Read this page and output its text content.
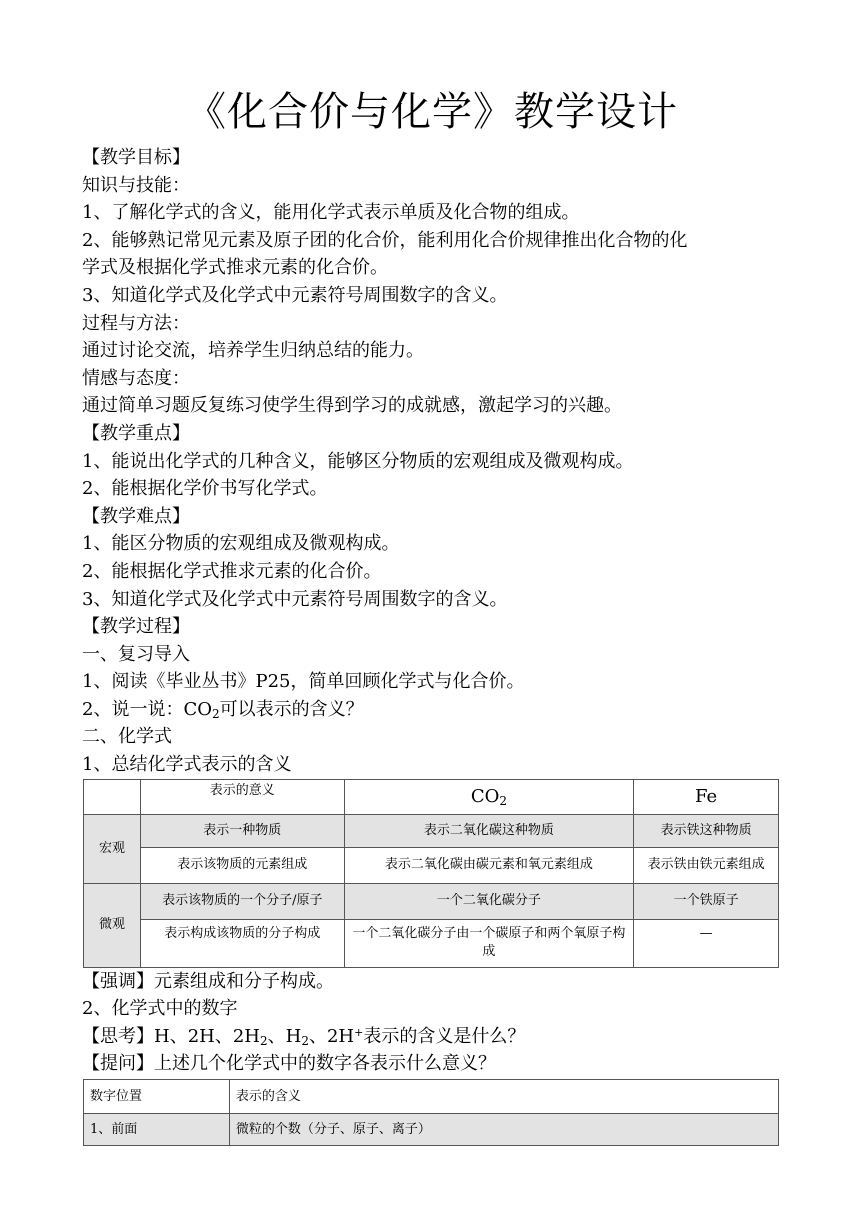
《化合价与化学》教学设计
【教学目标】
知识与技能：
1、了解化学式的含义，能用化学式表示单质及化合物的组成。
2、能够熟记常见元素及原子团的化合价，能利用化合价规律推出化合物的化
学式及根据化学式推求元素的化合价。
3、知道化学式及化学式中元素符号周围数字的含义。
过程与方法：
通过讨论交流，培养学生归纳总结的能力。
情感与态度：
通过简单习题反复练习使学生得到学习的成就感，激起学习的兴趣。
【教学重点】
1、能说出化学式的几种含义，能够区分物质的宏观组成及微观构成。
2、能根据化学价书写化学式。
【教学难点】
1、能区分物质的宏观组成及微观构成。
2、能根据化学式推求元素的化合价。
3、知道化学式及化学式中元素符号周围数字的含义。
【教学过程】
一、复习导入
1、阅读《毕业丛书》P25，简单回顾化学式与化合价。
2、说一说：$CO_2$可以表示的含义？
二、化学式
1、总结化学式表示的含义
	表示的意义	$CO_2$	Fe
宏观	表示一种物质	表示二氧化碳这种物质	表示铁这种物质
	表示该物质的元素组成	表示二氧化碳由碳元素和氧元素组成	表示铁由铁元素组成
微观	表示该物质的一个分子/原子	一个二氧化碳分子	一个铁原子
	表示构成该物质的分子构成	一个二氧化碳分子由一个碳原子和两个氧原子构成	—
【强调】元素组成和分子构成。
2、化学式中的数字
【思考】H、2H、$2H_2$、$H_2$、2H+表示的含义是什么？
【提问】上述几个化学式中的数字各表示什么意义？
数字位置	表示的含义
1、前面	微粒的个数（分子、原子、离子）
